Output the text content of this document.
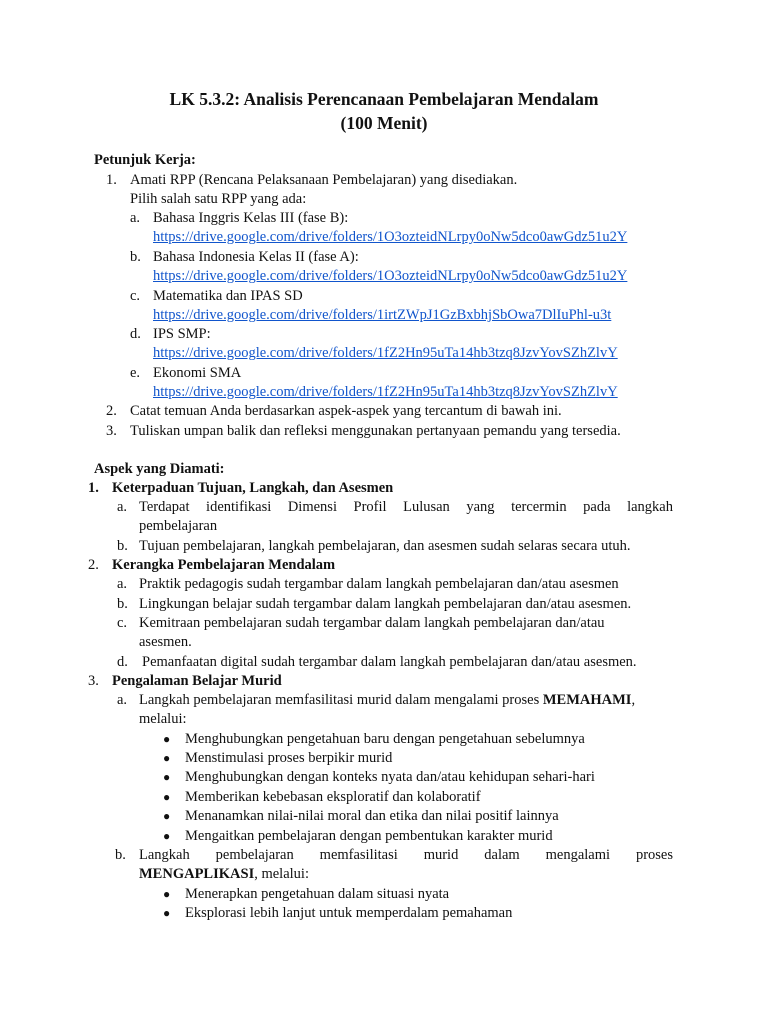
LK 5.3.2: Analisis Perencanaan Pembelajaran Mendalam
(100 Menit)
Petunjuk Kerja:
1. Amati RPP (Rencana Pelaksanaan Pembelajaran) yang disediakan.
Pilih salah satu RPP yang ada:
a. Bahasa Inggris Kelas III (fase B):
https://drive.google.com/drive/folders/1O3ozteidNLrpy0oNw5dco0awGdz51u2Y
b. Bahasa Indonesia Kelas II (fase A):
https://drive.google.com/drive/folders/1O3ozteidNLrpy0oNw5dco0awGdz51u2Y
c. Matematika dan IPAS SD
https://drive.google.com/drive/folders/1irtZWpJ1GzBxbhjSbOwa7DlIuPhl-u3t
d. IPS SMP:
https://drive.google.com/drive/folders/1fZ2Hn95uTa14hb3tzq8JzvYovSZhZlvY
e. Ekonomi SMA
https://drive.google.com/drive/folders/1fZ2Hn95uTa14hb3tzq8JzvYovSZhZlvY
2. Catat temuan Anda berdasarkan aspek-aspek yang tercantum di bawah ini.
3. Tuliskan umpan balik dan refleksi menggunakan pertanyaan pemandu yang tersedia.
Aspek yang Diamati:
1. Keterpaduan Tujuan, Langkah, dan Asesmen
a. Terdapat identifikasi Dimensi Profil Lulusan yang tercermin pada langkah
pembelajaran
b. Tujuan pembelajaran, langkah pembelajaran, dan asesmen sudah selaras secara utuh.
2. Kerangka Pembelajaran Mendalam
a. Praktik pedagogis sudah tergambar dalam langkah pembelajaran dan/atau asesmen
b. Lingkungan belajar sudah tergambar dalam langkah pembelajaran dan/atau asesmen.
c. Kemitraan pembelajaran sudah tergambar dalam langkah pembelajaran dan/atau
asesmen.
d. Pemanfaatan digital sudah tergambar dalam langkah pembelajaran dan/atau asesmen.
3. Pengalaman Belajar Murid
a. Langkah pembelajaran memfasilitasi murid dalam mengalami proses MEMAHAMI,
melalui:
● Menghubungkan pengetahuan baru dengan pengetahuan sebelumnya
● Menstimulasi proses berpikir murid
● Menghubungkan dengan konteks nyata dan/atau kehidupan sehari-hari
● Memberikan kebebasan eksploratif dan kolaboratif
● Menanamkan nilai-nilai moral dan etika dan nilai positif lainnya
● Mengaitkan pembelajaran dengan pembentukan karakter murid
b. Langkah pembelajaran memfasilitasi murid dalam mengalami proses
MENGAPLIKASI, melalui:
● Menerapkan pengetahuan dalam situasi nyata
● Eksplorasi lebih lanjut untuk memperdalam pemahaman
